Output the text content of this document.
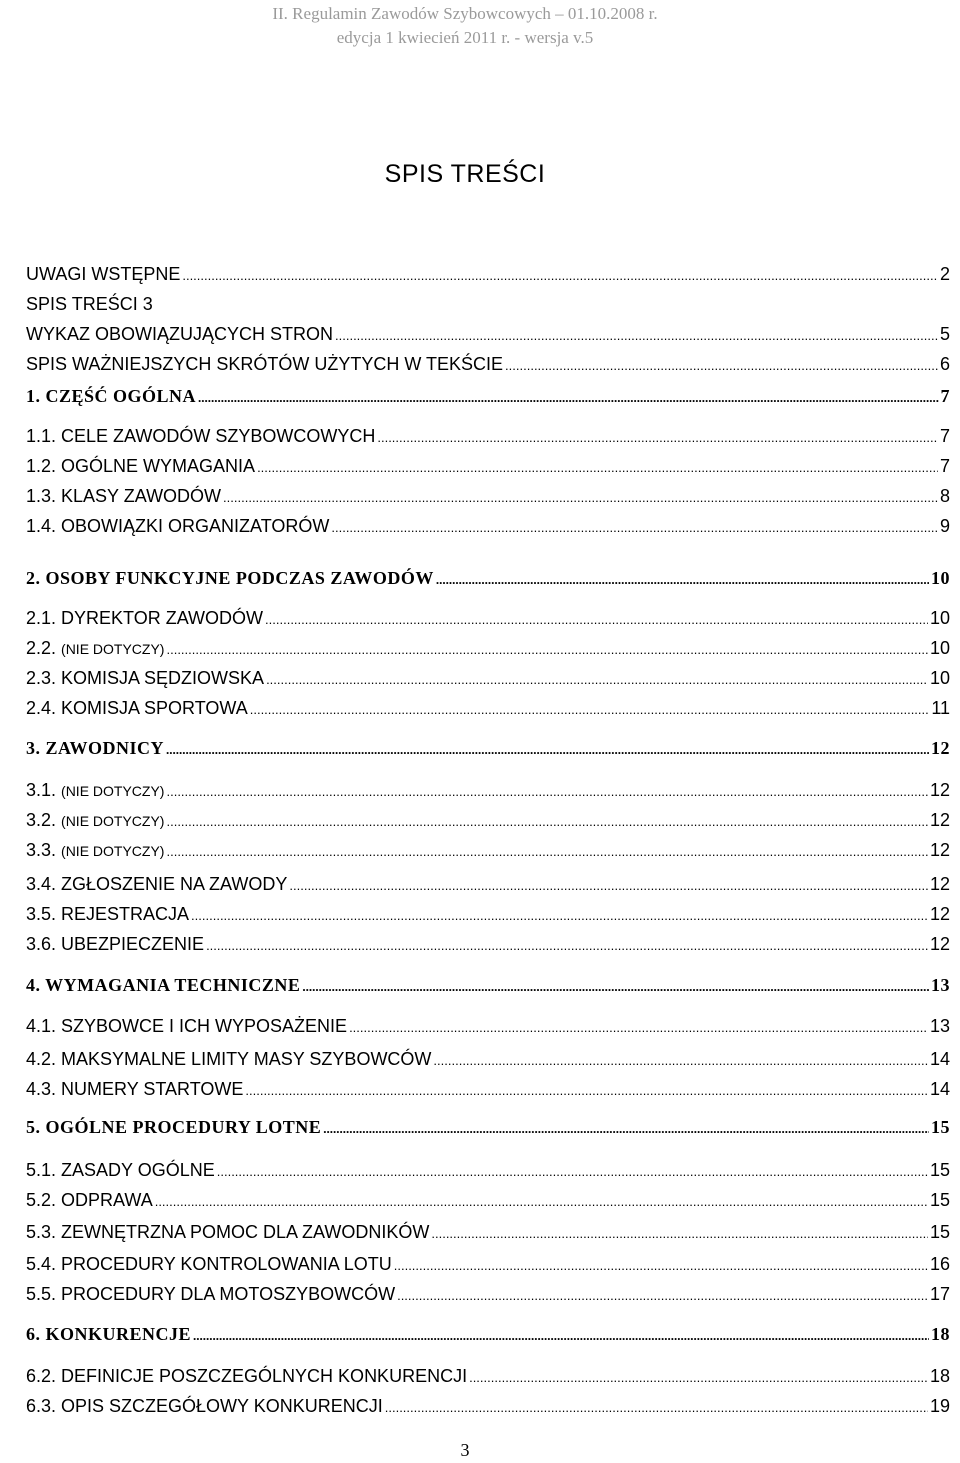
II. Regulamin Zawodów Szybowcowych – 01.10.2008 r.
edycja 1 kwiecień 2011 r. - wersja v.5
SPIS TREŚCI
UWAGI WSTĘPNE .....	2
SPIS TREŚCI 3
WYKAZ OBOWIĄZUJĄCYCH STRON .....	5
SPIS WAŻNIEJSZYCH SKRÓTÓW UŻYTYCH W TEKŚCIE .....	6
1. CZĘŚĆ OGÓLNA .....	7
1.1. CELE ZAWODÓW SZYBOWCOWYCH .....	7
1.2. OGÓLNE WYMAGANIA .....	7
1.3. KLASY ZAWODÓW .....	8
1.4. OBOWIĄZKI ORGANIZATORÓW .....	9
2. OSOBY FUNKCYJNE PODCZAS ZAWODÓW .....	10
2.1. DYREKTOR ZAWODÓW .....	10
2.2. (NIE DOTYCZY) .....	10
2.3. KOMISJA SĘDZIOWSKA .....	10
2.4. KOMISJA SPORTOWA .....	11
3. ZAWODNICY .....	12
3.1. (NIE DOTYCZY) .....	12
3.2. (NIE DOTYCZY) .....	12
3.3. (NIE DOTYCZY) .....	12
3.4. ZGŁOSZENIE NA ZAWODY .....	12
3.5. REJESTRACJA .....	12
3.6. UBEZPIECZENIE .....	12
4. WYMAGANIA TECHNICZNE .....	13
4.1. SZYBOWCE I ICH WYPOSAŻENIE .....	13
4.2. MAKSYMALNE LIMITY MASY SZYBOWCÓW .....	14
4.3. NUMERY STARTOWE .....	14
5. OGÓLNE PROCEDURY LOTNE .....	15
5.1. ZASADY OGÓLNE .....	15
5.2. ODPRAWA .....	15
5.3. ZEWNĘTRZNA POMOC DLA ZAWODNIKÓW .....	15
5.4. PROCEDURY KONTROLOWANIA LOTU .....	16
5.5. PROCEDURY DLA MOTOSZYBOWCÓW .....	17
6. KONKURENCJE .....	18
6.2. DEFINICJE POSZCZEGÓLNYCH KONKURENCJI .....	18
6.3. OPIS SZCZEGÓŁOWY KONKURENCJI .....	19
3
